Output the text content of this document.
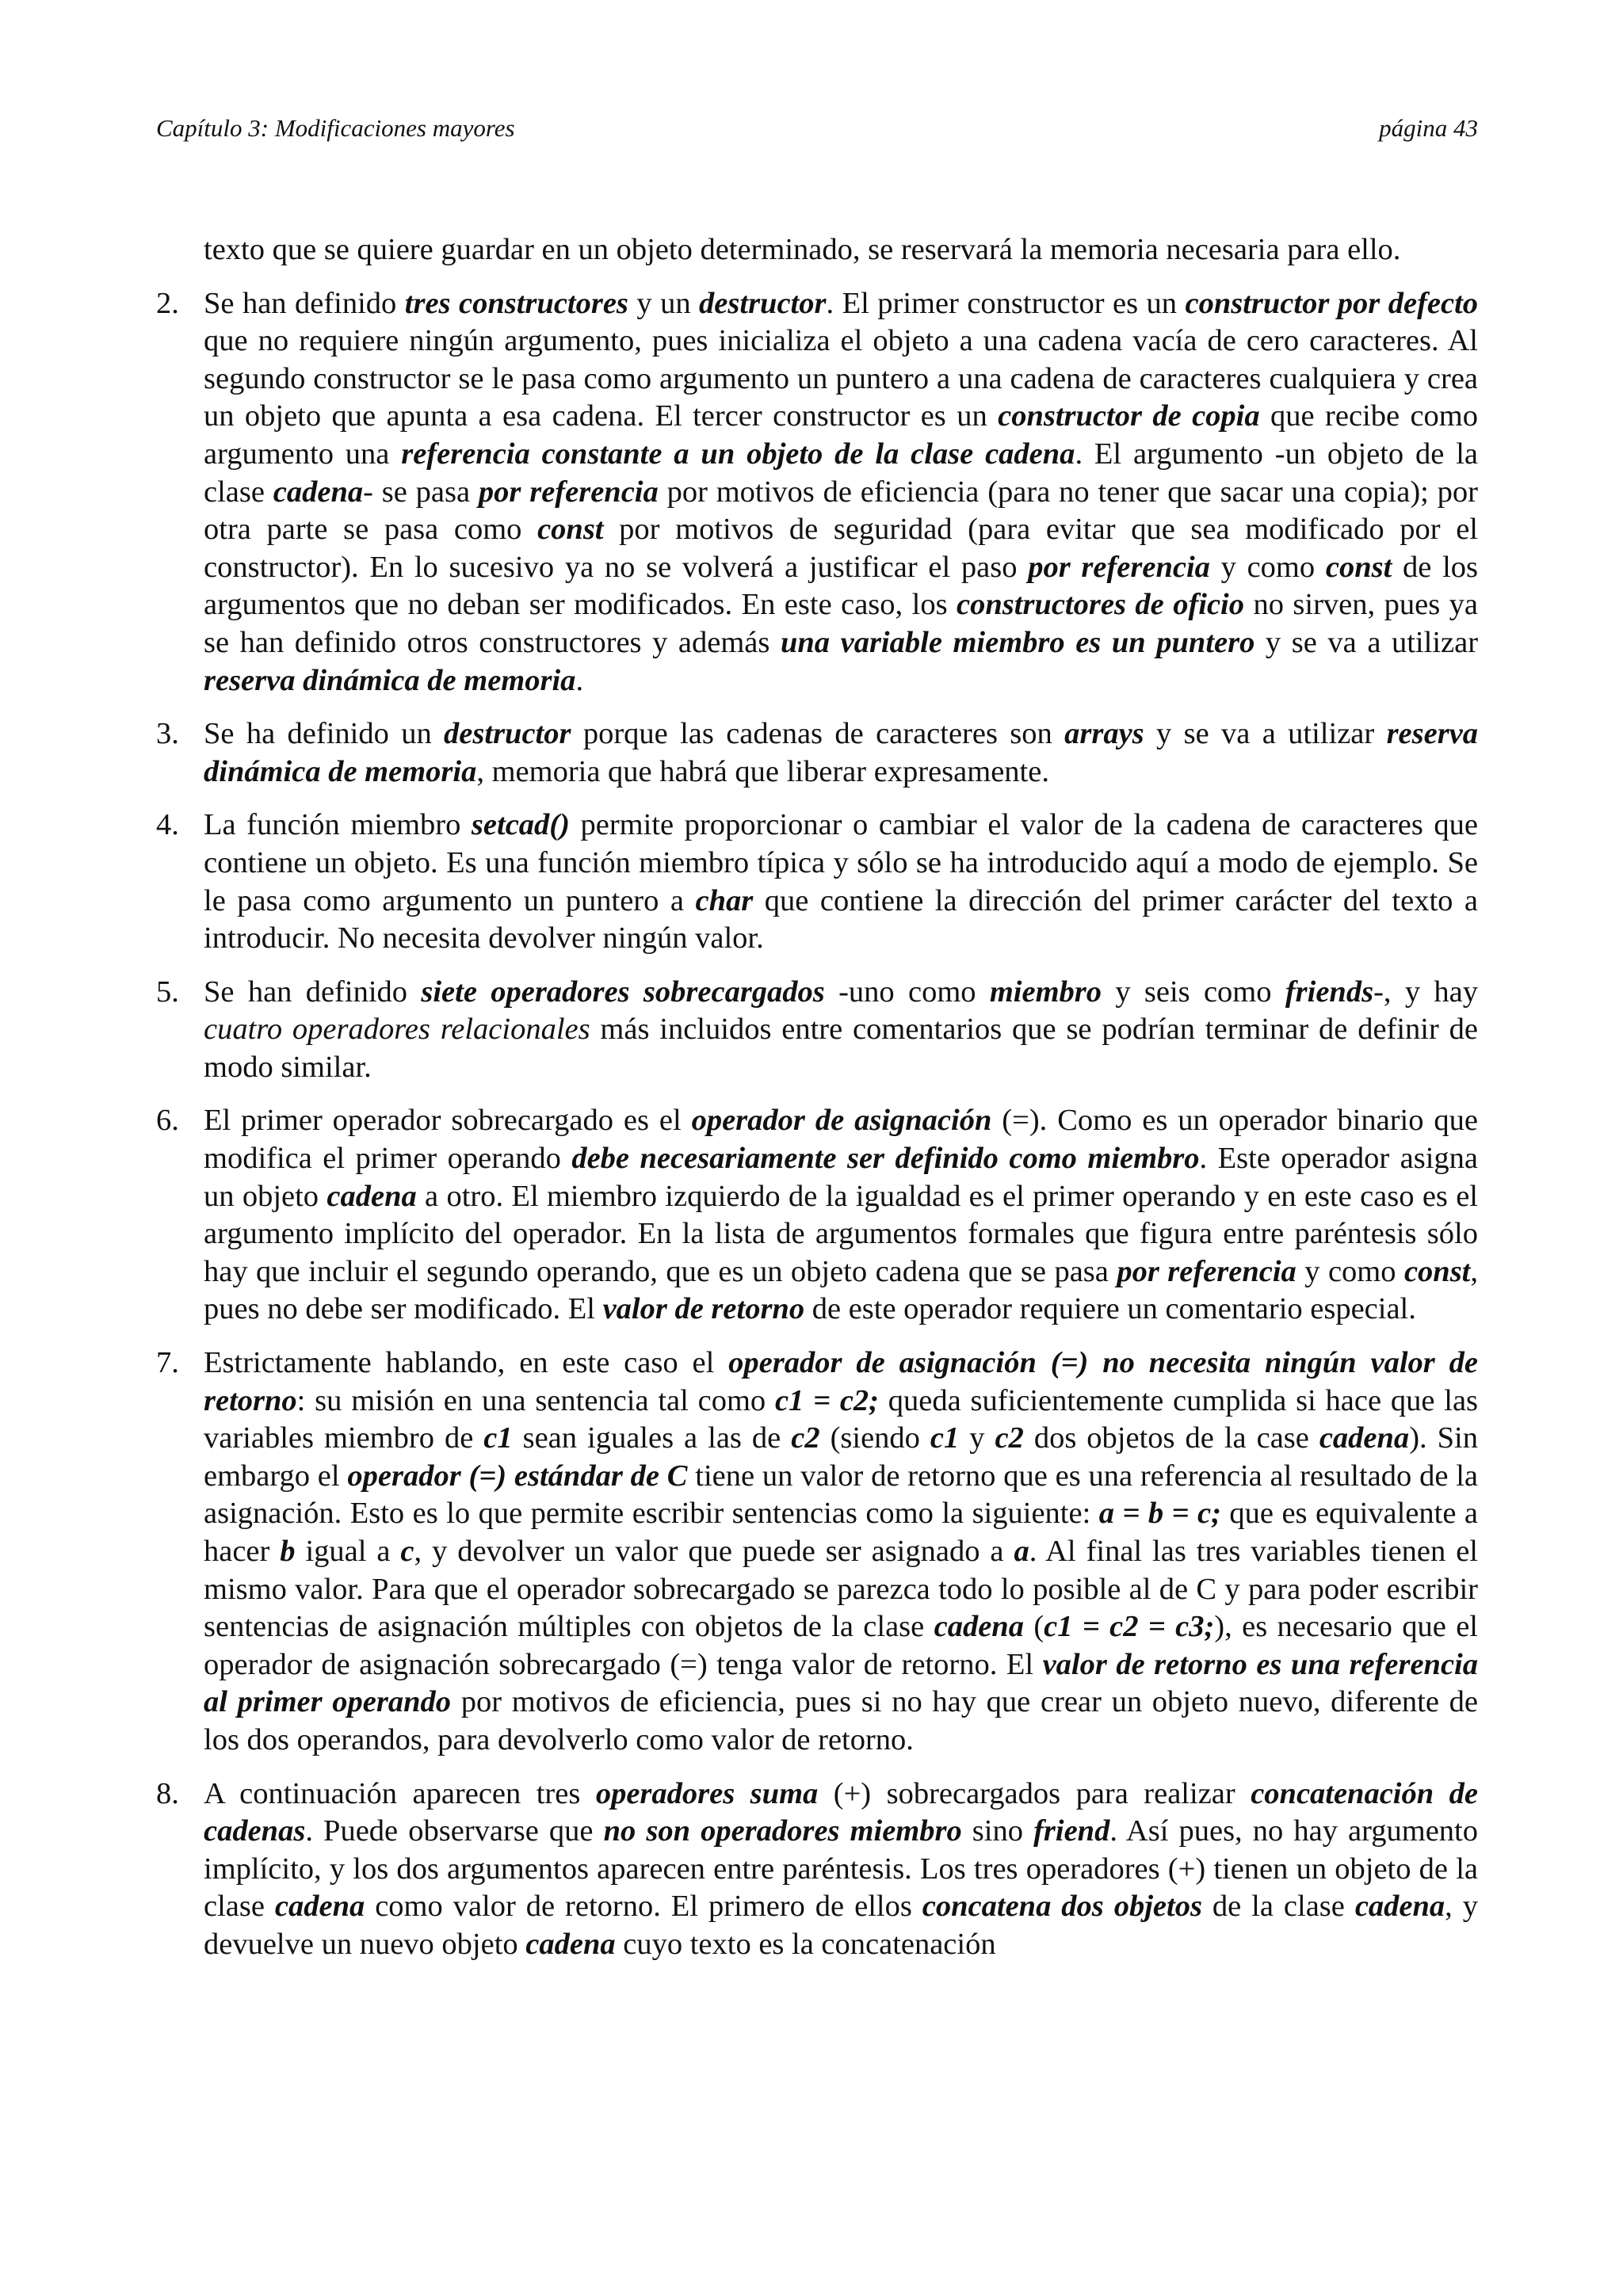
Capítulo 3: Modificaciones mayores	página 43

texto que se quiere guardar en un objeto determinado, se reservará la memoria necesaria para ello.

2. Se han definido tres constructores y un destructor. El primer constructor es un constructor por defecto que no requiere ningún argumento, pues inicializa el objeto a una cadena vacía de cero caracteres. Al segundo constructor se le pasa como argumento un puntero a una cadena de caracteres cualquiera y crea un objeto que apunta a esa cadena. El tercer constructor es un constructor de copia que recibe como argumento una referencia constante a un objeto de la clase cadena. El argumento -un objeto de la clase cadena- se pasa por referencia por motivos de eficiencia (para no tener que sacar una copia); por otra parte se pasa como const por motivos de seguridad (para evitar que sea modificado por el constructor). En lo sucesivo ya no se volverá a justificar el paso por referencia y como const de los argumentos que no deban ser modificados. En este caso, los constructores de oficio no sirven, pues ya se han definido otros constructores y además una variable miembro es un puntero y se va a utilizar reserva dinámica de memoria.

3. Se ha definido un destructor porque las cadenas de caracteres son arrays y se va a utilizar reserva dinámica de memoria, memoria que habrá que liberar expresamente.

4. La función miembro setcad() permite proporcionar o cambiar el valor de la cadena de caracteres que contiene un objeto. Es una función miembro típica y sólo se ha introducido aquí a modo de ejemplo. Se le pasa como argumento un puntero a char que contiene la dirección del primer carácter del texto a introducir. No necesita devolver ningún valor.

5. Se han definido siete operadores sobrecargados -uno como miembro y seis como friends-, y hay cuatro operadores relacionales más incluidos entre comentarios que se podrían terminar de definir de modo similar.

6. El primer operador sobrecargado es el operador de asignación (=). Como es un operador binario que modifica el primer operando debe necesariamente ser definido como miembro. Este operador asigna un objeto cadena a otro. El miembro izquierdo de la igualdad es el primer operando y en este caso es el argumento implícito del operador. En la lista de argumentos formales que figura entre paréntesis sólo hay que incluir el segundo operando, que es un objeto cadena que se pasa por referencia y como const, pues no debe ser modificado. El valor de retorno de este operador requiere un comentario especial.

7. Estrictamente hablando, en este caso el operador de asignación (=) no necesita ningún valor de retorno: su misión en una sentencia tal como c1 = c2; queda suficientemente cumplida si hace que las variables miembro de c1 sean iguales a las de c2 (siendo c1 y c2 dos objetos de la case cadena). Sin embargo el operador (=) estándar de C tiene un valor de retorno que es una referencia al resultado de la asignación. Esto es lo que permite escribir sentencias como la siguiente: a = b = c; que es equivalente a hacer b igual a c, y devolver un valor que puede ser asignado a a. Al final las tres variables tienen el mismo valor. Para que el operador sobrecargado se parezca todo lo posible al de C y para poder escribir sentencias de asignación múltiples con objetos de la clase cadena (c1 = c2 = c3;), es necesario que el operador de asignación sobrecargado (=) tenga valor de retorno. El valor de retorno es una referencia al primer operando por motivos de eficiencia, pues si no hay que crear un objeto nuevo, diferente de los dos operandos, para devolverlo como valor de retorno.

8. A continuación aparecen tres operadores suma (+) sobrecargados para realizar concatenación de cadenas. Puede observarse que no son operadores miembro sino friend. Así pues, no hay argumento implícito, y los dos argumentos aparecen entre paréntesis. Los tres operadores (+) tienen un objeto de la clase cadena como valor de retorno. El primero de ellos concatena dos objetos de la clase cadena, y devuelve un nuevo objeto cadena cuyo texto es la concatenación
